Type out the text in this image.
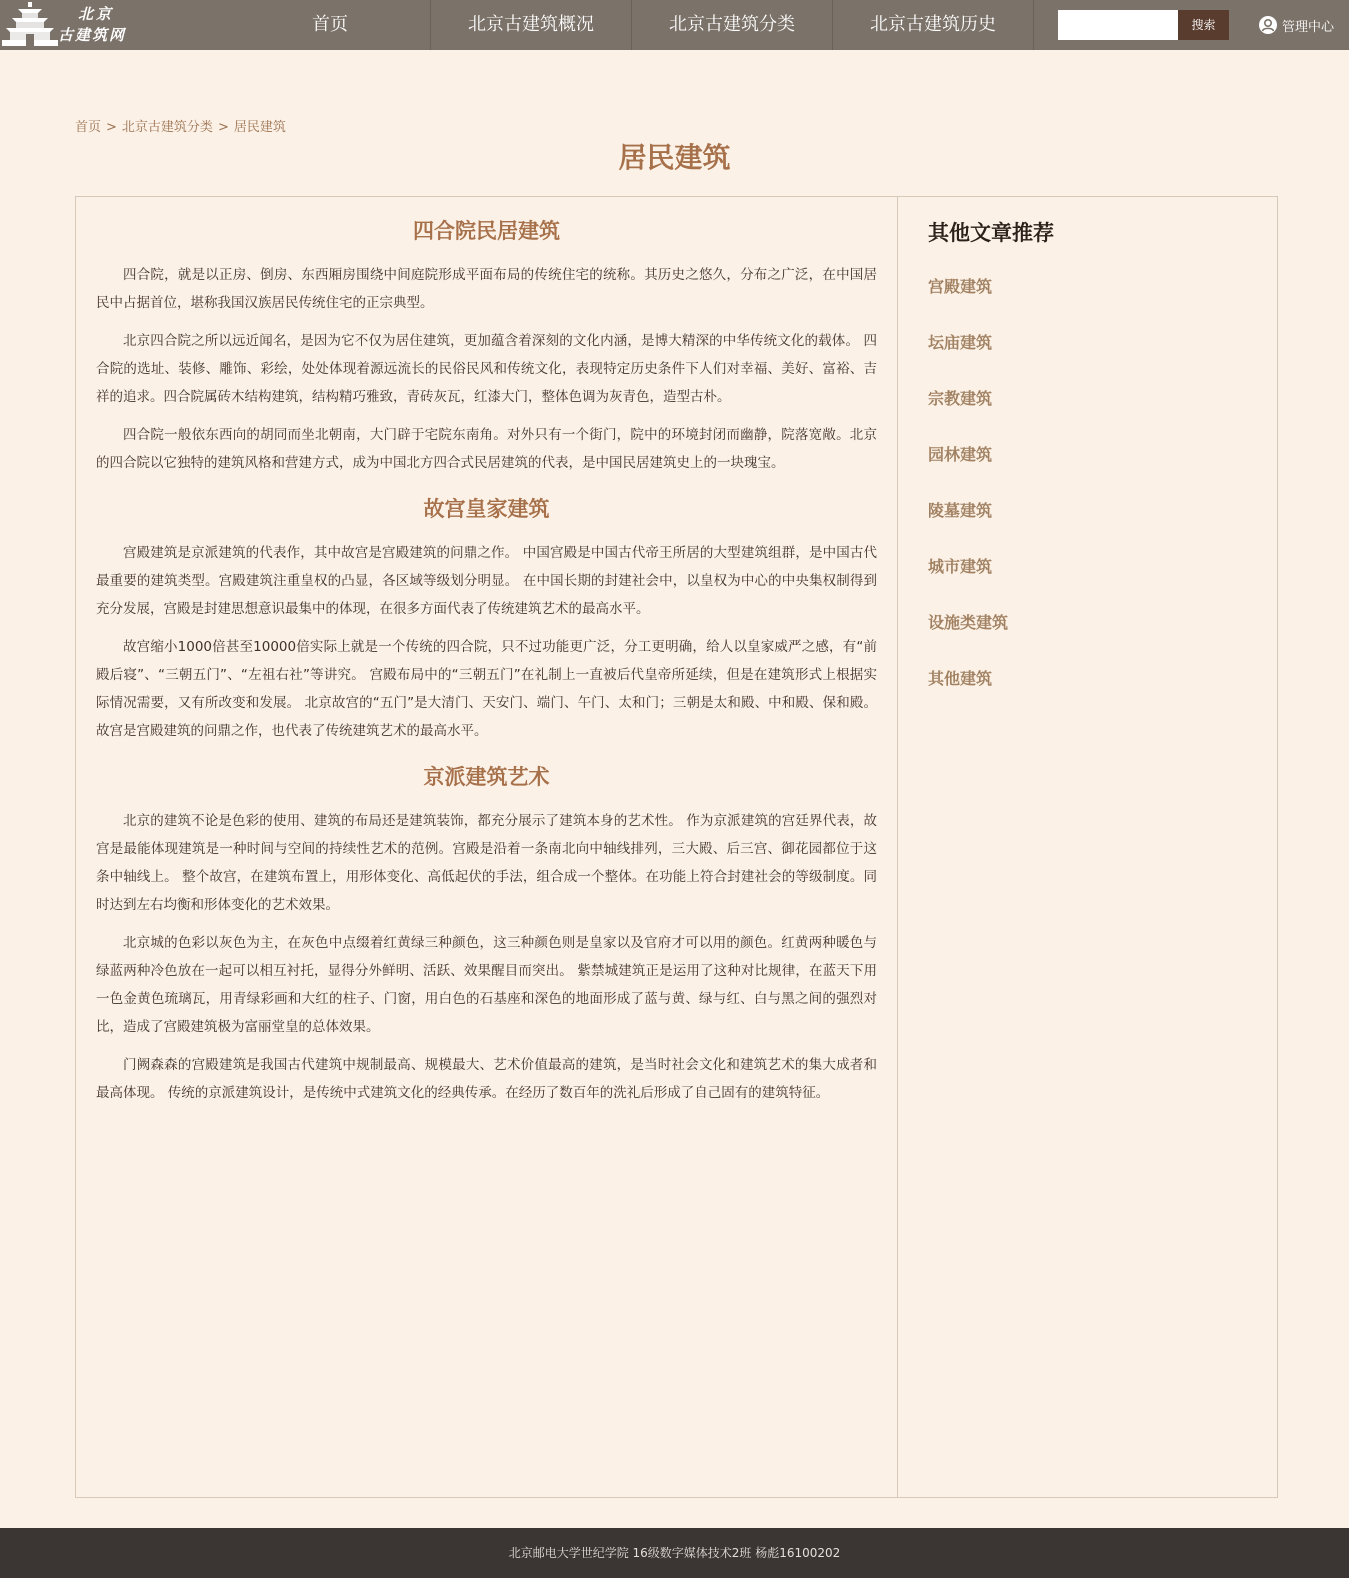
北京
古建筑网	首页	北京古建筑概况	北京古建筑分类	北京古建筑历史	搜索	管理中心
首页 > 北京古建筑分类 > 居民建筑
居民建筑
四合院民居建筑

四合院，就是以正房、倒房、东西厢房围绕中间庭院形成平面布局的传统住宅的统称。其历史之悠久，分布之广泛，在中国居民中占据首位，堪称我国汉族居民传统住宅的正宗典型。

北京四合院之所以远近闻名，是因为它不仅为居住建筑，更加蕴含着深刻的文化内涵，是博大精深的中华传统文化的载体。 四合院的选址、装修、雕饰、彩绘，处处体现着源远流长的民俗民风和传统文化，表现特定历史条件下人们对幸福、美好、富裕、吉祥的追求。四合院属砖木结构建筑，结构精巧雅致，青砖灰瓦，红漆大门，整体色调为灰青色，造型古朴。

四合院一般依东西向的胡同而坐北朝南，大门辟于宅院东南角。对外只有一个街门，院中的环境封闭而幽静，院落宽敞。北京的四合院以它独特的建筑风格和营建方式，成为中国北方四合式民居建筑的代表，是中国民居建筑史上的一块瑰宝。

故宫皇家建筑

宫殿建筑是京派建筑的代表作，其中故宫是宫殿建筑的问鼎之作。 中国宫殿是中国古代帝王所居的大型建筑组群，是中国古代最重要的建筑类型。宫殿建筑注重皇权的凸显，各区域等级划分明显。 在中国长期的封建社会中，以皇权为中心的中央集权制得到充分发展，宫殿是封建思想意识最集中的体现，在很多方面代表了传统建筑艺术的最高水平。

故宫缩小1000倍甚至10000倍实际上就是一个传统的四合院，只不过功能更广泛，分工更明确，给人以皇家威严之感，有“前殿后寝”、“三朝五门”、“左祖右社”等讲究。 宫殿布局中的“三朝五门”在礼制上一直被后代皇帝所延续，但是在建筑形式上根据实际情况需要，又有所改变和发展。 北京故宫的“五门”是大清门、天安门、端门、午门、太和门；三朝是太和殿、中和殿、保和殿。故宫是宫殿建筑的问鼎之作，也代表了传统建筑艺术的最高水平。

京派建筑艺术

北京的建筑不论是色彩的使用、建筑的布局还是建筑装饰，都充分展示了建筑本身的艺术性。 作为京派建筑的宫廷界代表，故宫是最能体现建筑是一种时间与空间的持续性艺术的范例。宫殿是沿着一条南北向中轴线排列，三大殿、后三宫、御花园都位于这条中轴线上。 整个故宫，在建筑布置上，用形体变化、高低起伏的手法，组合成一个整体。在功能上符合封建社会的等级制度。同时达到左右均衡和形体变化的艺术效果。

北京城的色彩以灰色为主，在灰色中点缀着红黄绿三种颜色，这三种颜色则是皇家以及官府才可以用的颜色。红黄两种暖色与绿蓝两种冷色放在一起可以相互衬托，显得分外鲜明、活跃、效果醒目而突出。 紫禁城建筑正是运用了这种对比规律，在蓝天下用一色金黄色琉璃瓦，用青绿彩画和大红的柱子、门窗，用白色的石基座和深色的地面形成了蓝与黄、绿与红、白与黑之间的强烈对比，造成了宫殿建筑极为富丽堂皇的总体效果。

门阙森森的宫殿建筑是我国古代建筑中规制最高、规模最大、艺术价值最高的建筑，是当时社会文化和建筑艺术的集大成者和最高体现。 传统的京派建筑设计，是传统中式建筑文化的经典传承。在经历了数百年的洗礼后形成了自己固有的建筑特征。

其他文章推荐
宫殿建筑
坛庙建筑
宗教建筑
园林建筑
陵墓建筑
城市建筑
设施类建筑
其他建筑
北京邮电大学世纪学院 16级数字媒体技术2班 杨彪16100202
